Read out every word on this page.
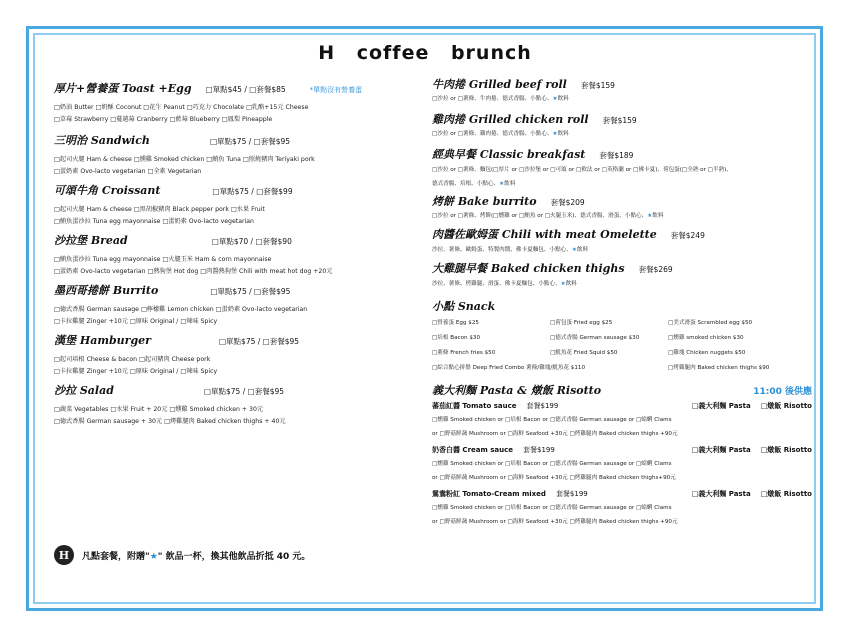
H coffee brunch
厚片+營養蛋 Toast +Egg □單點$45 / □套餐$85	*單點沒有營養蛋
□奶油 Butter □奶酥 Coconut □花生 Peanut □巧克力 Chocolate □乳酪+15元 Cheese
□草莓 Strawberry □蔓越莓 Cranberry □藍莓 Blueberry □鳳梨 Pineapple
三明治 Sandwich	□單點$75 / □套餐$95
□起司火腿 Ham & cheese □燻雞 Smoked chicken □鮪魚 Tuna □照燒豬肉 Teriyaki pork
□蛋奶素 Ovo-lacto vegetarian □全素 Vegetarian
可頌牛角 Croissant	□單點$75 / □套餐$99
□起司火腿 Ham & cheese □黑胡椒豬肉 Black pepper pork □水果 Fruit
□鮪魚蛋沙拉 Tuna egg mayonnaise □蛋奶素 Ovo-lacto vegetarian
沙拉堡 Bread	□單點$70 / □套餐$90
□鮪魚蛋沙拉 Tuna egg mayonnaise □火腿玉米 Ham & corn mayonnaise
□蛋奶素 Ovo-lacto vegetarian □熱狗堡 Hot dog □肉醬熱狗堡 Chili with meat hot dog +20元
墨西哥捲餅 Burrito	□單點$75 / □套餐$95
□德式香腸 German sausage □檸檬雞 Lemon chicken □蛋奶素 Ovo-lacto vegetarian
□卡拉雞腿 Zinger +10元 □原味 Original / □辣味 Spicy
漢堡 Hamburger	□單點$75 / □套餐$95
□起司培根 Cheese & bacon □起司豬肉 Cheese pork
□卡拉雞腿 Zinger +10元 □原味 Original / □辣味 Spicy
沙拉 Salad	□單點$75 / □套餐$95
□蔬菜 Vegetables □水果 Fruit + 20元 □燻雞 Smoked chicken + 30元
□德式香腸 German sausage + 30元 □烤雞腿肉 Baked chicken thighs + 40元
H	凡點套餐，附贈"★" 飲品一杯，換其他飲品折抵 40 元。
牛肉捲 Grilled beef roll 套餐$159
□沙拉 or □薯條、牛肉捲、德式香腸、小點心、★飲料
雞肉捲 Grilled chicken roll 套餐$159
□沙拉 or □薯條、雞肉捲、德式香腸、小點心、★飲料
經典早餐 Classic breakfast 套餐$189
□沙拉 or □薯條、麵包(□厚片 or □沙拉堡 or □可頌 or □軟法 or □英格蘭 or □佛卡夏)、荷包蛋(□全熟 or □半熟)、
德式香腸、培根、小點心、★飲料
烤餅 Bake burrito 套餐$209
□沙拉 or □薯條、烤餅(□燻雞 or □鮪魚 or □火腿玉米)、德式香腸、滑蛋、小點心、★飲料
肉醬佐歐姆蛋 Chili with meat Omelette 套餐$249
沙拉、薯條、歐姆蛋、特製肉醬、佛卡夏麵包、小點心、★飲料
大雞腿早餐 Baked chicken thighs 套餐$269
沙拉、薯條、烤雞腿、滑蛋、佛卡夏麵包、小點心、★飲料
小點 Snack
□營養蛋 Egg $25	□荷包蛋 Fried egg $25	□美式滑蛋 Scrambled egg $50
□培根 Bacon $30	□德式香腸 German sausage $30	□燻雞 smoked chicken $30
□薯條 French fries $50	□魷魚花 Fried Squid $50	□雞塊 Chicken nuggets $50
□綜合點心拼盤 Deep Fried Combo 薯條/雞塊/魷魚花 $110	□烤雞腿肉 Baked chicken thighs $90
義大利麵 Pasta & 燉飯 Risotto	11:00 後供應
蕃茄紅醬 Tomato sauce 套餐$199	□義大利麵 Pasta □燉飯 Risotto
□燻雞 Smoked chicken or □培根 Bacon or □德式香腸 German sausage or □蛤蜊 Clams
or □野菇鮮蔬 Mushroom or □海鮮 Seafood +30元 □烤雞腿肉 Baked chicken thighs +90元
奶香白醬 Cream sauce 套餐$199	□義大利麵 Pasta □燉飯 Risotto
□燻雞 Smoked chicken or □培根 Bacon or □德式香腸 German sausage or □蛤蜊 Clams
or □野菇鮮蔬 Mushroom or □海鮮 Seafood +30元 □烤雞腿肉 Baked chicken thighs+90元
鴛鴦粉紅 Tomato-Cream mixed 套餐$199	□義大利麵 Pasta □燉飯 Risotto
□燻雞 Smoked chicken or □培根 Bacon or □德式香腸 German sausage or □蛤蜊 Clams
or □野菇鮮蔬 Mushroom or □海鮮 Seafood +30元 □烤雞腿肉 Baked chicken thighs +90元
